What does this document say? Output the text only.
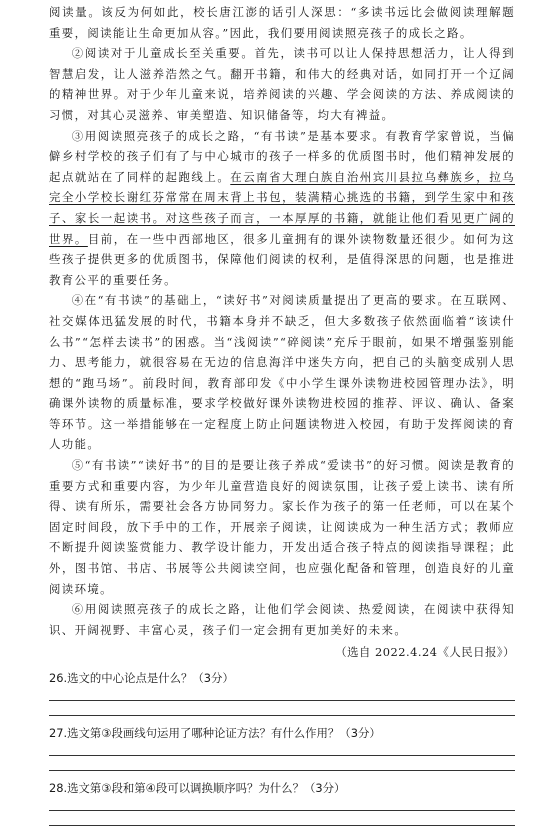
阅读量。该反为何如此，校长唐江澎的话引人深思：“多读书远比会做阅读理解题重要，阅读能让生命更加从容。”因此，我们要用阅读照亮孩子的成长之路。

②阅读对于儿童成长至关重要。首先，读书可以让人保持思想活力，让人得到智慧启发，让人滋养浩然之气。翻开书籍，和伟大的经典对话，如同打开一个辽阔的精神世界。对于少年儿童来说，培养阅读的兴趣、学会阅读的方法、养成阅读的习惯，对其心灵滋养、审美塑造、知识储备等，均大有裨益。

③用阅读照亮孩子的成长之路，“有书读”是基本要求。有教育学家曾说，当偏僻乡村学校的孩子们有了与中心城市的孩子一样多的优质图书时，他们精神发展的起点就站在了同样的起跑线上。在云南省大理白族自治州宾川县拉乌彝族乡，拉乌完全小学校长谢红芬常常在周末背上书包，装满精心挑选的书籍，到学生家中和孩子、家长一起读书。对这些孩子而言，一本厚厚的书籍，就能让他们看见更广阔的世界。目前，在一些中西部地区，很多儿童拥有的课外读物数量还很少。如何为这些孩子提供更多的优质图书，保障他们阅读的权利，是值得深思的问题，也是推进教育公平的重要任务。

④在“有书读”的基础上，“读好书”对阅读质量提出了更高的要求。在互联网、社交媒体迅猛发展的时代，书籍本身并不缺乏，但大多数孩子依然面临着“该读什么书”“怎样去读书”的困惑。当“浅阅读”“碎阅读”充斥于眼前，如果不增强鉴别能力、思考能力，就很容易在无边的信息海洋中迷失方向，把自己的头脑变成别人思想的“跑马场”。前段时间，教育部印发《中小学生课外读物进校园管理办法》，明确课外读物的质量标准，要求学校做好课外读物进校园的推荐、评议、确认、备案等环节。这一举措能够在一定程度上防止问题读物进入校园，有助于发挥阅读的育人功能。

⑤“有书读”“读好书”的目的是要让孩子养成“爱读书”的好习惯。阅读是教育的重要方式和重要内容，为少年儿童营造良好的阅读氛围，让孩子爱上读书、读有所得、读有所乐，需要社会各方协同努力。家长作为孩子的第一任老师，可以在某个固定时间段，放下手中的工作，开展亲子阅读，让阅读成为一种生活方式；教师应不断提升阅读鉴赏能力、教学设计能力，开发出适合孩子特点的阅读指导课程；此外，图书馆、书店、书展等公共阅读空间，也应强化配备和管理，创造良好的儿童阅读环境。

⑥用阅读照亮孩子的成长之路，让他们学会阅读、热爱阅读，在阅读中获得知识、开阔视野、丰富心灵，孩子们一定会拥有更加美好的未来。

（选自 2022.4.24《人民日报》）

26.选文的中心论点是什么？（3分）

27.选文第③段画线句运用了哪种论证方法？有什么作用？（3分）

28.选文第③段和第④段可以调换顺序吗？为什么？（3分）
